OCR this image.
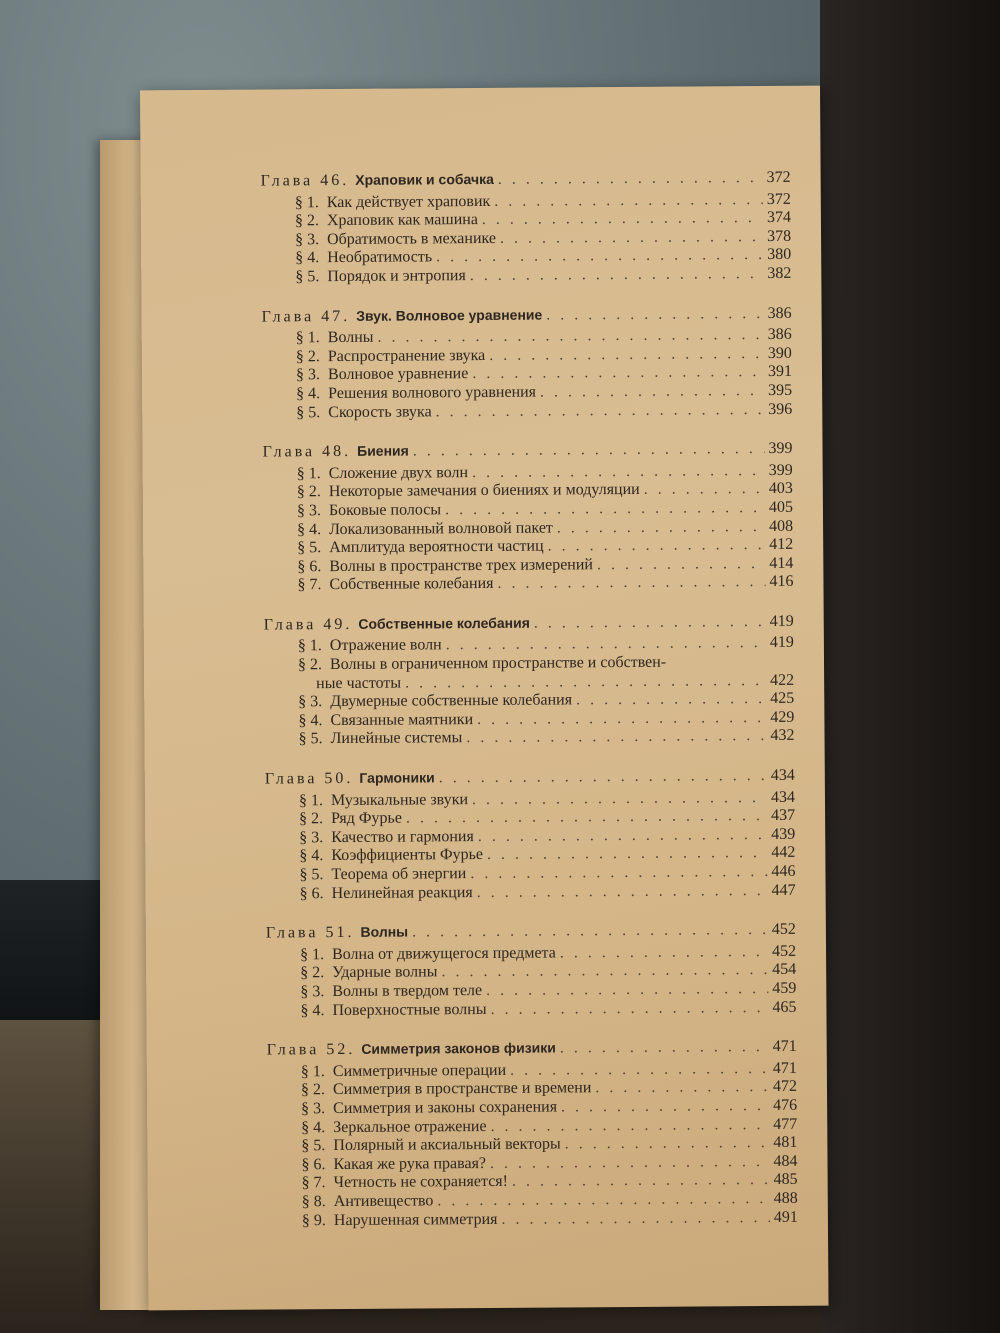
Глава 46. Храповик и собачка . . .	372
§ 1. Как действует храповик . . .	372
§ 2. Храповик как машина . . .	374
§ 3. Обратимость в механике . . .	378
§ 4. Необратимость . . .	380
§ 5. Порядок и энтропия . . .	382
Глава 47. Звук. Волновое уравнение . . .	386
§ 1. Волны . . .	386
§ 2. Распространение звука . . .	390
§ 3. Волновое уравнение . . .	391
§ 4. Решения волнового уравнения . . .	395
§ 5. Скорость звука . . .	396
Глава 48. Биения . . .	399
§ 1. Сложение двух волн . . .	399
§ 2. Некоторые замечания о биениях и модуляции . . .	403
§ 3. Боковые полосы . . .	405
§ 4. Локализованный волновой пакет . . .	408
§ 5. Амплитуда вероятности частиц . . .	412
§ 6. Волны в пространстве трех измерений . . .	414
§ 7. Собственные колебания . . .	416
Глава 49. Собственные колебания . . .	419
§ 1. Отражение волн . . .	419
§ 2. Волны в ограниченном пространстве и собствен-
ные частоты . . .	422
§ 3. Двумерные собственные колебания . . .	425
§ 4. Связанные маятники . . .	429
§ 5. Линейные системы . . .	432
Глава 50. Гармоники . . .	434
§ 1. Музыкальные звуки . . .	434
§ 2. Ряд Фурье . . .	437
§ 3. Качество и гармония . . .	439
§ 4. Коэффициенты Фурье . . .	442
§ 5. Теорема об энергии . . .	446
§ 6. Нелинейная реакция . . .	447
Глава 51. Волны . . .	452
§ 1. Волна от движущегося предмета . . .	452
§ 2. Ударные волны . . .	454
§ 3. Волны в твердом теле . . .	459
§ 4. Поверхностные волны . . .	465
Глава 52. Симметрия законов физики . . .	471
§ 1. Симметричные операции . . .	471
§ 2. Симметрия в пространстве и времени . . .	472
§ 3. Симметрия и законы сохранения . . .	476
§ 4. Зеркальное отражение . . .	477
§ 5. Полярный и аксиальный векторы . . .	481
§ 6. Какая же рука правая? . . .	484
§ 7. Четность не сохраняется! . . .	485
§ 8. Антивещество . . .	488
§ 9. Нарушенная симметрия . . .	491
